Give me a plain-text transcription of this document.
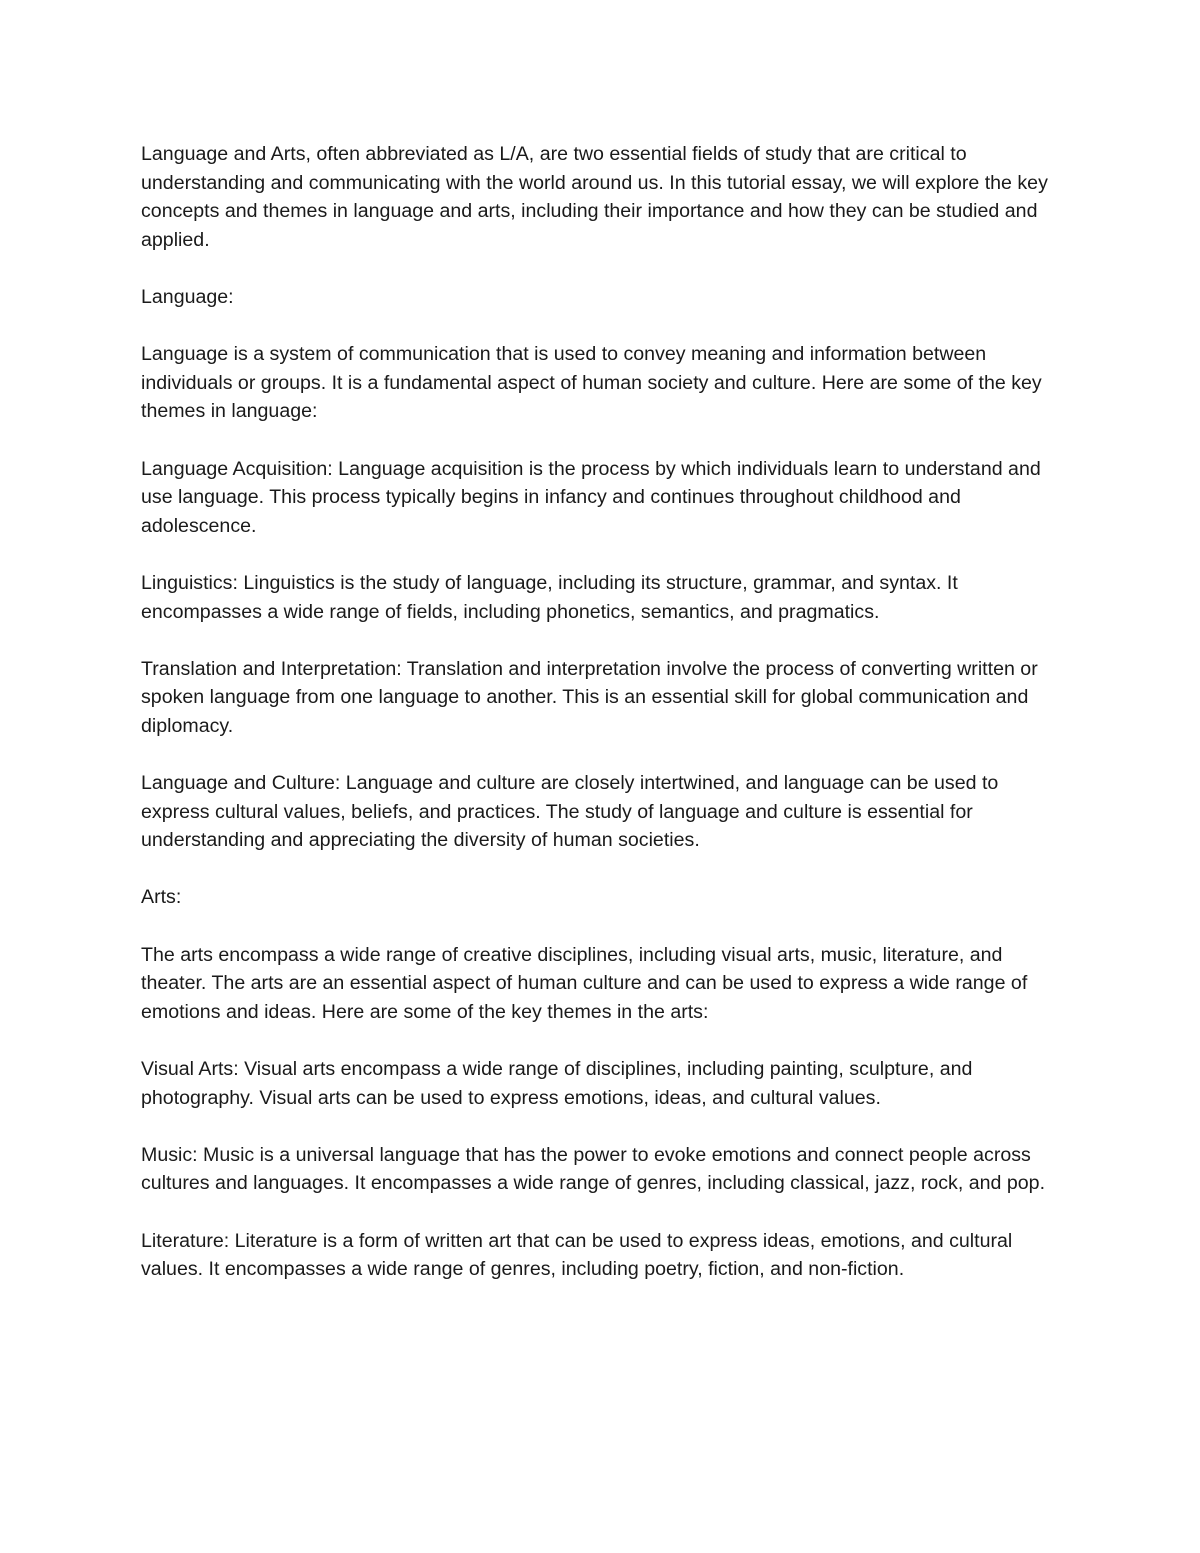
Language and Arts, often abbreviated as L/A, are two essential fields of study that are critical to understanding and communicating with the world around us. In this tutorial essay, we will explore the key concepts and themes in language and arts, including their importance and how they can be studied and applied.

Language:

Language is a system of communication that is used to convey meaning and information between individuals or groups. It is a fundamental aspect of human society and culture. Here are some of the key themes in language:

Language Acquisition: Language acquisition is the process by which individuals learn to understand and use language. This process typically begins in infancy and continues throughout childhood and adolescence.

Linguistics: Linguistics is the study of language, including its structure, grammar, and syntax. It encompasses a wide range of fields, including phonetics, semantics, and pragmatics.

Translation and Interpretation: Translation and interpretation involve the process of converting written or spoken language from one language to another. This is an essential skill for global communication and diplomacy.

Language and Culture: Language and culture are closely intertwined, and language can be used to express cultural values, beliefs, and practices. The study of language and culture is essential for understanding and appreciating the diversity of human societies.

Arts:

The arts encompass a wide range of creative disciplines, including visual arts, music, literature, and theater. The arts are an essential aspect of human culture and can be used to express a wide range of emotions and ideas. Here are some of the key themes in the arts:

Visual Arts: Visual arts encompass a wide range of disciplines, including painting, sculpture, and photography. Visual arts can be used to express emotions, ideas, and cultural values.

Music: Music is a universal language that has the power to evoke emotions and connect people across cultures and languages. It encompasses a wide range of genres, including classical, jazz, rock, and pop.

Literature: Literature is a form of written art that can be used to express ideas, emotions, and cultural values. It encompasses a wide range of genres, including poetry, fiction, and non-fiction.
